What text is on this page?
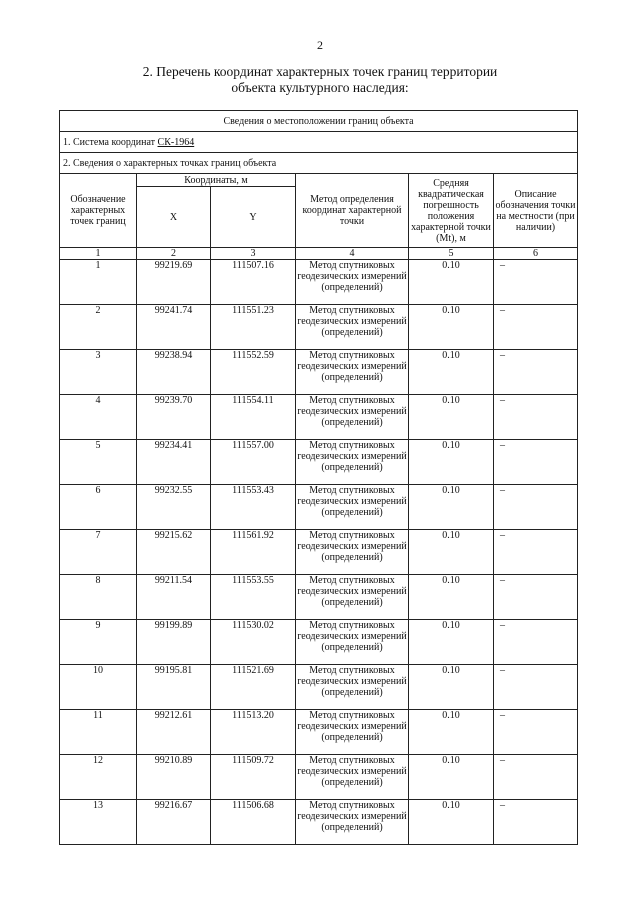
2
2. Перечень координат характерных точек границ территории
объекта культурного наследия:
Сведения о местоположении границ объекта					
1. Система координат СК-1964					
2. Сведения о характерных точках границ объекта					
Обозначение характерных точек границ	Координаты, м		Метод определения координат характерной точки	Средняя квадратическая погрешность положения характерной точки (Mt), м	Описание обозначения точки на местности (при наличии)
	X	Y			
1	2	3	4	5	6
1	99219.69	111507.16	Метод спутниковых геодезических измерений (определений)	0.10	–
2	99241.74	111551.23	Метод спутниковых геодезических измерений (определений)	0.10	–
3	99238.94	111552.59	Метод спутниковых геодезических измерений (определений)	0.10	–
4	99239.70	111554.11	Метод спутниковых геодезических измерений (определений)	0.10	–
5	99234.41	111557.00	Метод спутниковых геодезических измерений (определений)	0.10	–
6	99232.55	111553.43	Метод спутниковых геодезических измерений (определений)	0.10	–
7	99215.62	111561.92	Метод спутниковых геодезических измерений (определений)	0.10	–
8	99211.54	111553.55	Метод спутниковых геодезических измерений (определений)	0.10	–
9	99199.89	111530.02	Метод спутниковых геодезических измерений (определений)	0.10	–
10	99195.81	111521.69	Метод спутниковых геодезических измерений (определений)	0.10	–
11	99212.61	111513.20	Метод спутниковых геодезических измерений (определений)	0.10	–
12	99210.89	111509.72	Метод спутниковых геодезических измерений (определений)	0.10	–
13	99216.67	111506.68	Метод спутниковых геодезических измерений (определений)	0.10	–
